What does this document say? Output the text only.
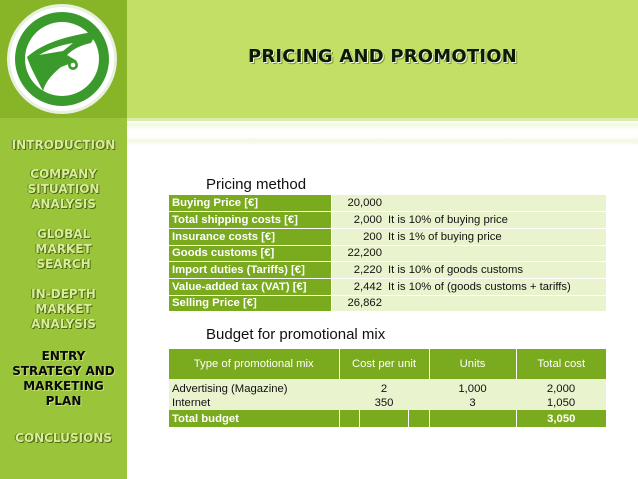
INTRODUCTION
COMPANY
SITUATION
ANALYSIS
GLOBAL
MARKET
SEARCH
IN-DEPTH
MARKET
ANALYSIS
ENTRY
STRATEGY AND
MARKETING
PLAN
CONCLUSIONS
PRICING AND PROMOTION
Pricing method
Buying Price [€]	20,000	
Total shipping costs [€]	2,000	It is 10% of buying price
Insurance costs [€]	200	It is 1% of buying price
Goods customs [€]	22,200	
Import duties (Tariffs) [€]	2,220	It is 10% of goods customs
Value-added tax (VAT) [€]	2,442	It is 10% of (goods customs + tariffs)
Selling Price [€]	26,862	
Budget for promotional mix
Type of promotional mix	Cost per unit	Units	Total cost
Advertising (Magazine)	2	1,000	2,000
Internet	350	3	1,050
Total budget			3,050
